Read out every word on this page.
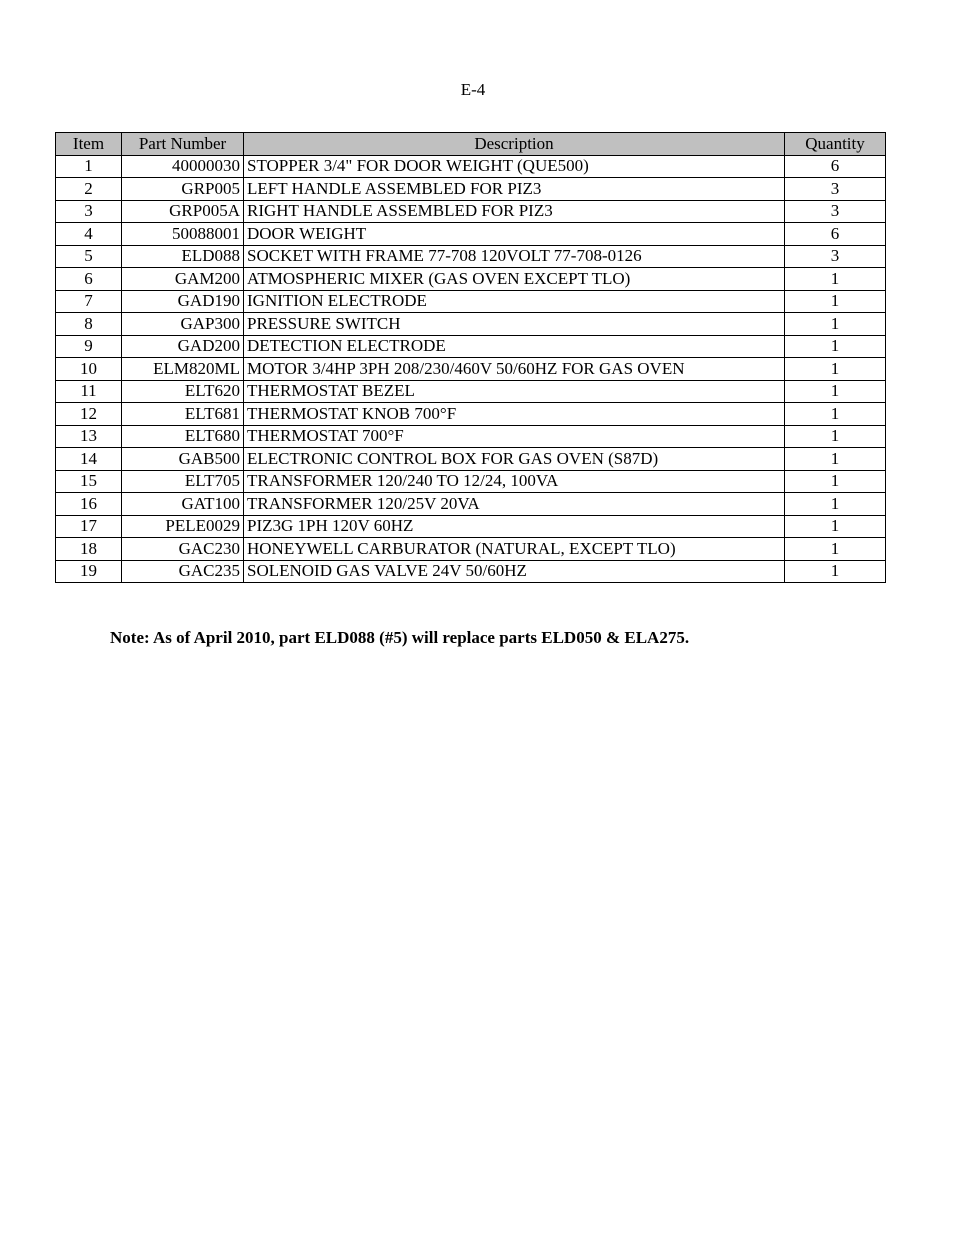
E-4
Item	Part Number	Description	Quantity
1	40000030	STOPPER 3/4" FOR DOOR WEIGHT (QUE500)	6
2	GRP005	LEFT HANDLE ASSEMBLED FOR PIZ3	3
3	GRP005A	RIGHT HANDLE ASSEMBLED FOR PIZ3	3
4	50088001	DOOR WEIGHT	6
5	ELD088	SOCKET WITH FRAME 77-708 120VOLT 77-708-0126	3
6	GAM200	ATMOSPHERIC MIXER (GAS OVEN EXCEPT TLO)	1
7	GAD190	IGNITION ELECTRODE	1
8	GAP300	PRESSURE SWITCH	1
9	GAD200	DETECTION ELECTRODE	1
10	ELM820ML	MOTOR 3/4HP 3PH 208/230/460V 50/60HZ FOR GAS OVEN	1
11	ELT620	THERMOSTAT BEZEL	1
12	ELT681	THERMOSTAT KNOB 700°F	1
13	ELT680	THERMOSTAT 700°F	1
14	GAB500	ELECTRONIC CONTROL BOX FOR GAS OVEN (S87D)	1
15	ELT705	TRANSFORMER 120/240 TO 12/24, 100VA	1
16	GAT100	TRANSFORMER 120/25V 20VA	1
17	PELE0029	PIZ3G 1PH 120V 60HZ	1
18	GAC230	HONEYWELL CARBURATOR (NATURAL, EXCEPT TLO)	1
19	GAC235	SOLENOID GAS VALVE 24V 50/60HZ	1
Note: As of April 2010, part ELD088 (#5) will replace parts ELD050 & ELA275.
